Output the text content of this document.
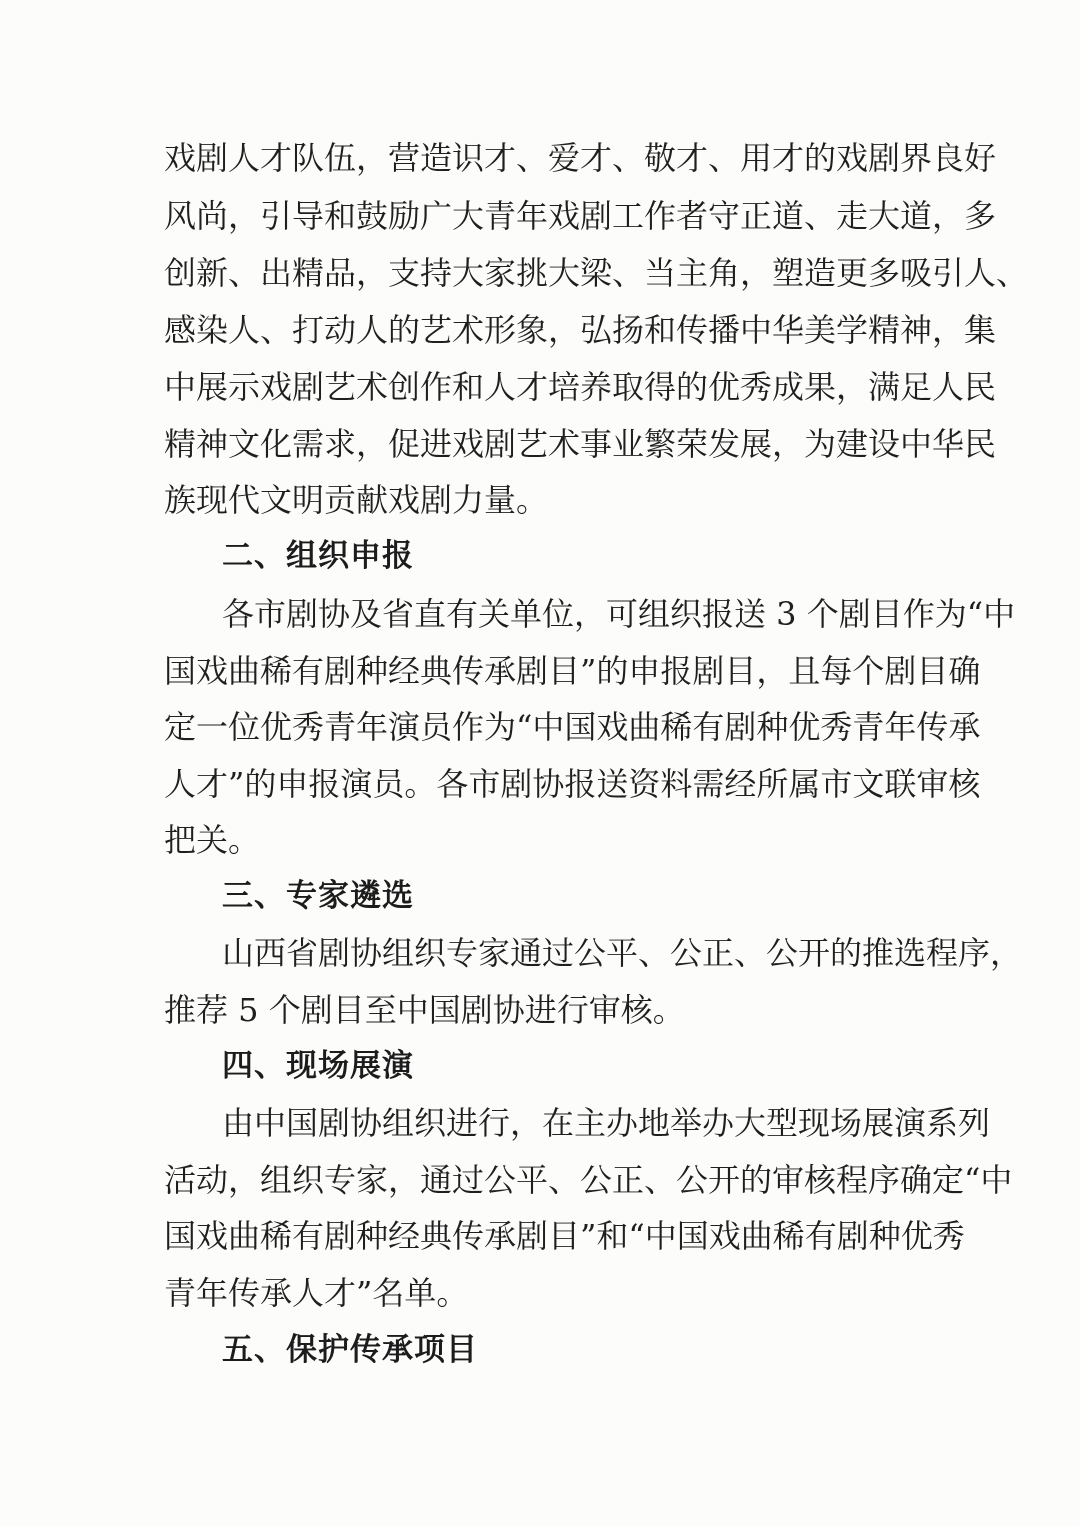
戏剧人才队伍，营造识才、爱才、敬才、用才的戏剧界良好
风尚，引导和鼓励广大青年戏剧工作者守正道、走大道，多
创新、出精品，支持大家挑大梁、当主角，塑造更多吸引人、
感染人、打动人的艺术形象，弘扬和传播中华美学精神，集
中展示戏剧艺术创作和人才培养取得的优秀成果，满足人民
精神文化需求，促进戏剧艺术事业繁荣发展，为建设中华民
族现代文明贡献戏剧力量。
二、组织申报
各市剧协及省直有关单位，可组织报送 3 个剧目作为“中
国戏曲稀有剧种经典传承剧目”的申报剧目，且每个剧目确
定一位优秀青年演员作为“中国戏曲稀有剧种优秀青年传承
人才”的申报演员。各市剧协报送资料需经所属市文联审核
把关。
三、专家遴选
山西省剧协组织专家通过公平、公正、公开的推选程序，
推荐 5 个剧目至中国剧协进行审核。
四、现场展演
由中国剧协组织进行，在主办地举办大型现场展演系列
活动，组织专家，通过公平、公正、公开的审核程序确定“中
国戏曲稀有剧种经典传承剧目”和“中国戏曲稀有剧种优秀
青年传承人才”名单。
五、保护传承项目
